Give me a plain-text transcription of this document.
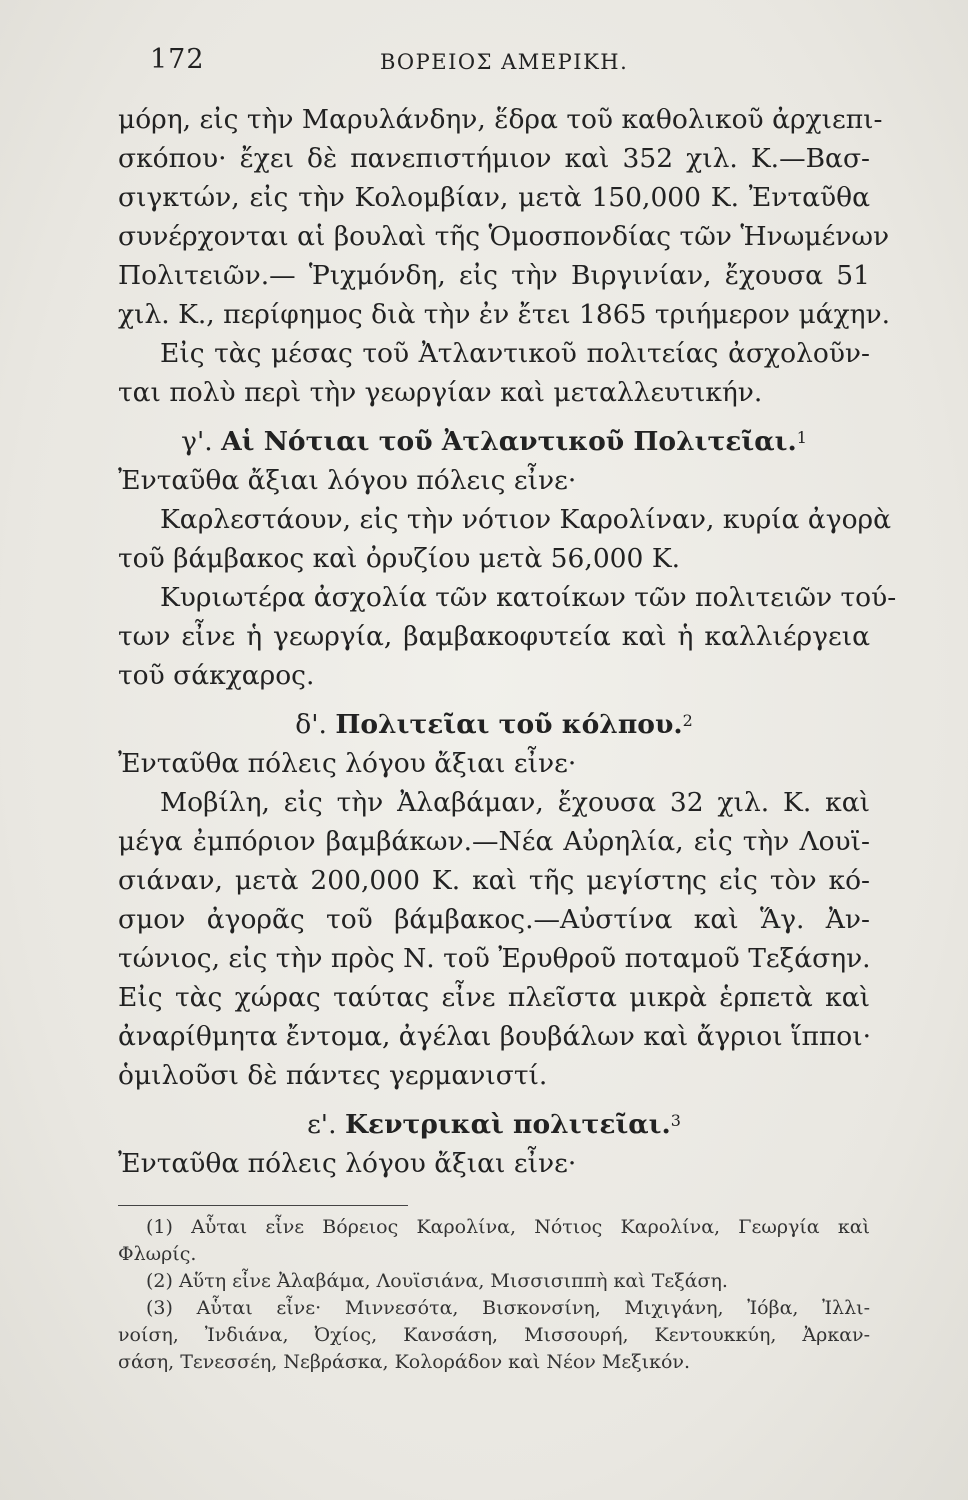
172	ΒΟΡΕΙΟΣ ΑΜΕΡΙΚΗ.

μόρη, εἰς τὴν Μαρυλάνδην, ἕδρα τοῦ καθολικοῦ ἀρχιεπι-

σκόπου· ἔχει δὲ πανεπιστήμιον καὶ 352 χιλ. Κ.—Βασ-

σιγκτών, εἰς τὴν Κολομβίαν, μετὰ 150,000 Κ. Ἐνταῦθα

συνέρχονται αἱ βουλαὶ τῆς Ὁμοσπονδίας τῶν Ἡνωμένων

Πολιτειῶν.— Ῥιχμόνδη, εἰς τὴν Βιργινίαν, ἔχουσα 51

χιλ. Κ., περίφημος διὰ τὴν ἐν ἔτει 1865 τριήμερον μάχην.

Εἰς τὰς μέσας τοῦ Ἀτλαντικοῦ πολιτείας ἀσχολοῦν-

ται πολὺ περὶ τὴν γεωργίαν καὶ μεταλλευτικήν.

γ'. Αἱ Νότιαι τοῦ Ἀτλαντικοῦ Πολιτεῖαι.$^1$

Ἐνταῦθα ἄξιαι λόγου πόλεις εἶνε·

Καρλεστάουν, εἰς τὴν νότιον Καρολίναν, κυρία ἀγορὰ

τοῦ βάμβακος καὶ ὀρυζίου μετὰ 56,000 Κ.

Κυριωτέρα ἀσχολία τῶν κατοίκων τῶν πολιτειῶν τού-

των εἶνε ἡ γεωργία, βαμβακοφυτεία καὶ ἡ καλλιέργεια

τοῦ σάκχαρος.

δ'. Πολιτεῖαι τοῦ κόλπου.$^2$

Ἐνταῦθα πόλεις λόγου ἄξιαι εἶνε·

Μοβίλη, εἰς τὴν Ἀλαβάμαν, ἔχουσα 32 χιλ. Κ. καὶ

μέγα ἐμπόριον βαμβάκων.—Νέα Αὐρηλία, εἰς τὴν Λουϊ-

σιάναν, μετὰ 200,000 Κ. καὶ τῆς μεγίστης εἰς τὸν κό-

σμον ἀγορᾶς τοῦ βάμβακος.—Αὐστίνα καὶ Ἅγ. Ἀν-

τώνιος, εἰς τὴν πρὸς Ν. τοῦ Ἐρυθροῦ ποταμοῦ Τεξάσην.

Εἰς τὰς χώρας ταύτας εἶνε πλεῖστα μικρὰ ἑρπετὰ καὶ

ἀναρίθμητα ἔντομα, ἀγέλαι βουβάλων καὶ ἄγριοι ἵπποι·

ὁμιλοῦσι δὲ πάντες γερμανιστί.

ε'. Κεντρικαὶ πολιτεῖαι.$^3$

Ἐνταῦθα πόλεις λόγου ἄξιαι εἶνε·

(1) Αὗται εἶνε Βόρειος Καρολίνα, Νότιος Καρολίνα, Γεωργία καὶ

Φλωρίς.

(2) Αὕτη εἶνε Ἀλαβάμα, Λουϊσιάνα, Μισσισιππὴ καὶ Τεξάση.

(3) Αὗται εἶνε· Μιννεσότα, Βισκονσίνη, Μιχιγάνη, Ἰόβα, Ἰλλι-

νοίση, Ἰνδιάνα, Ὀχίος, Κανσάση, Μισσουρή, Κεντουκκύη, Ἀρκαν-

σάση, Τενεσσέη, Νεβράσκα, Κολοράδον καὶ Νέον Μεξικόν.
